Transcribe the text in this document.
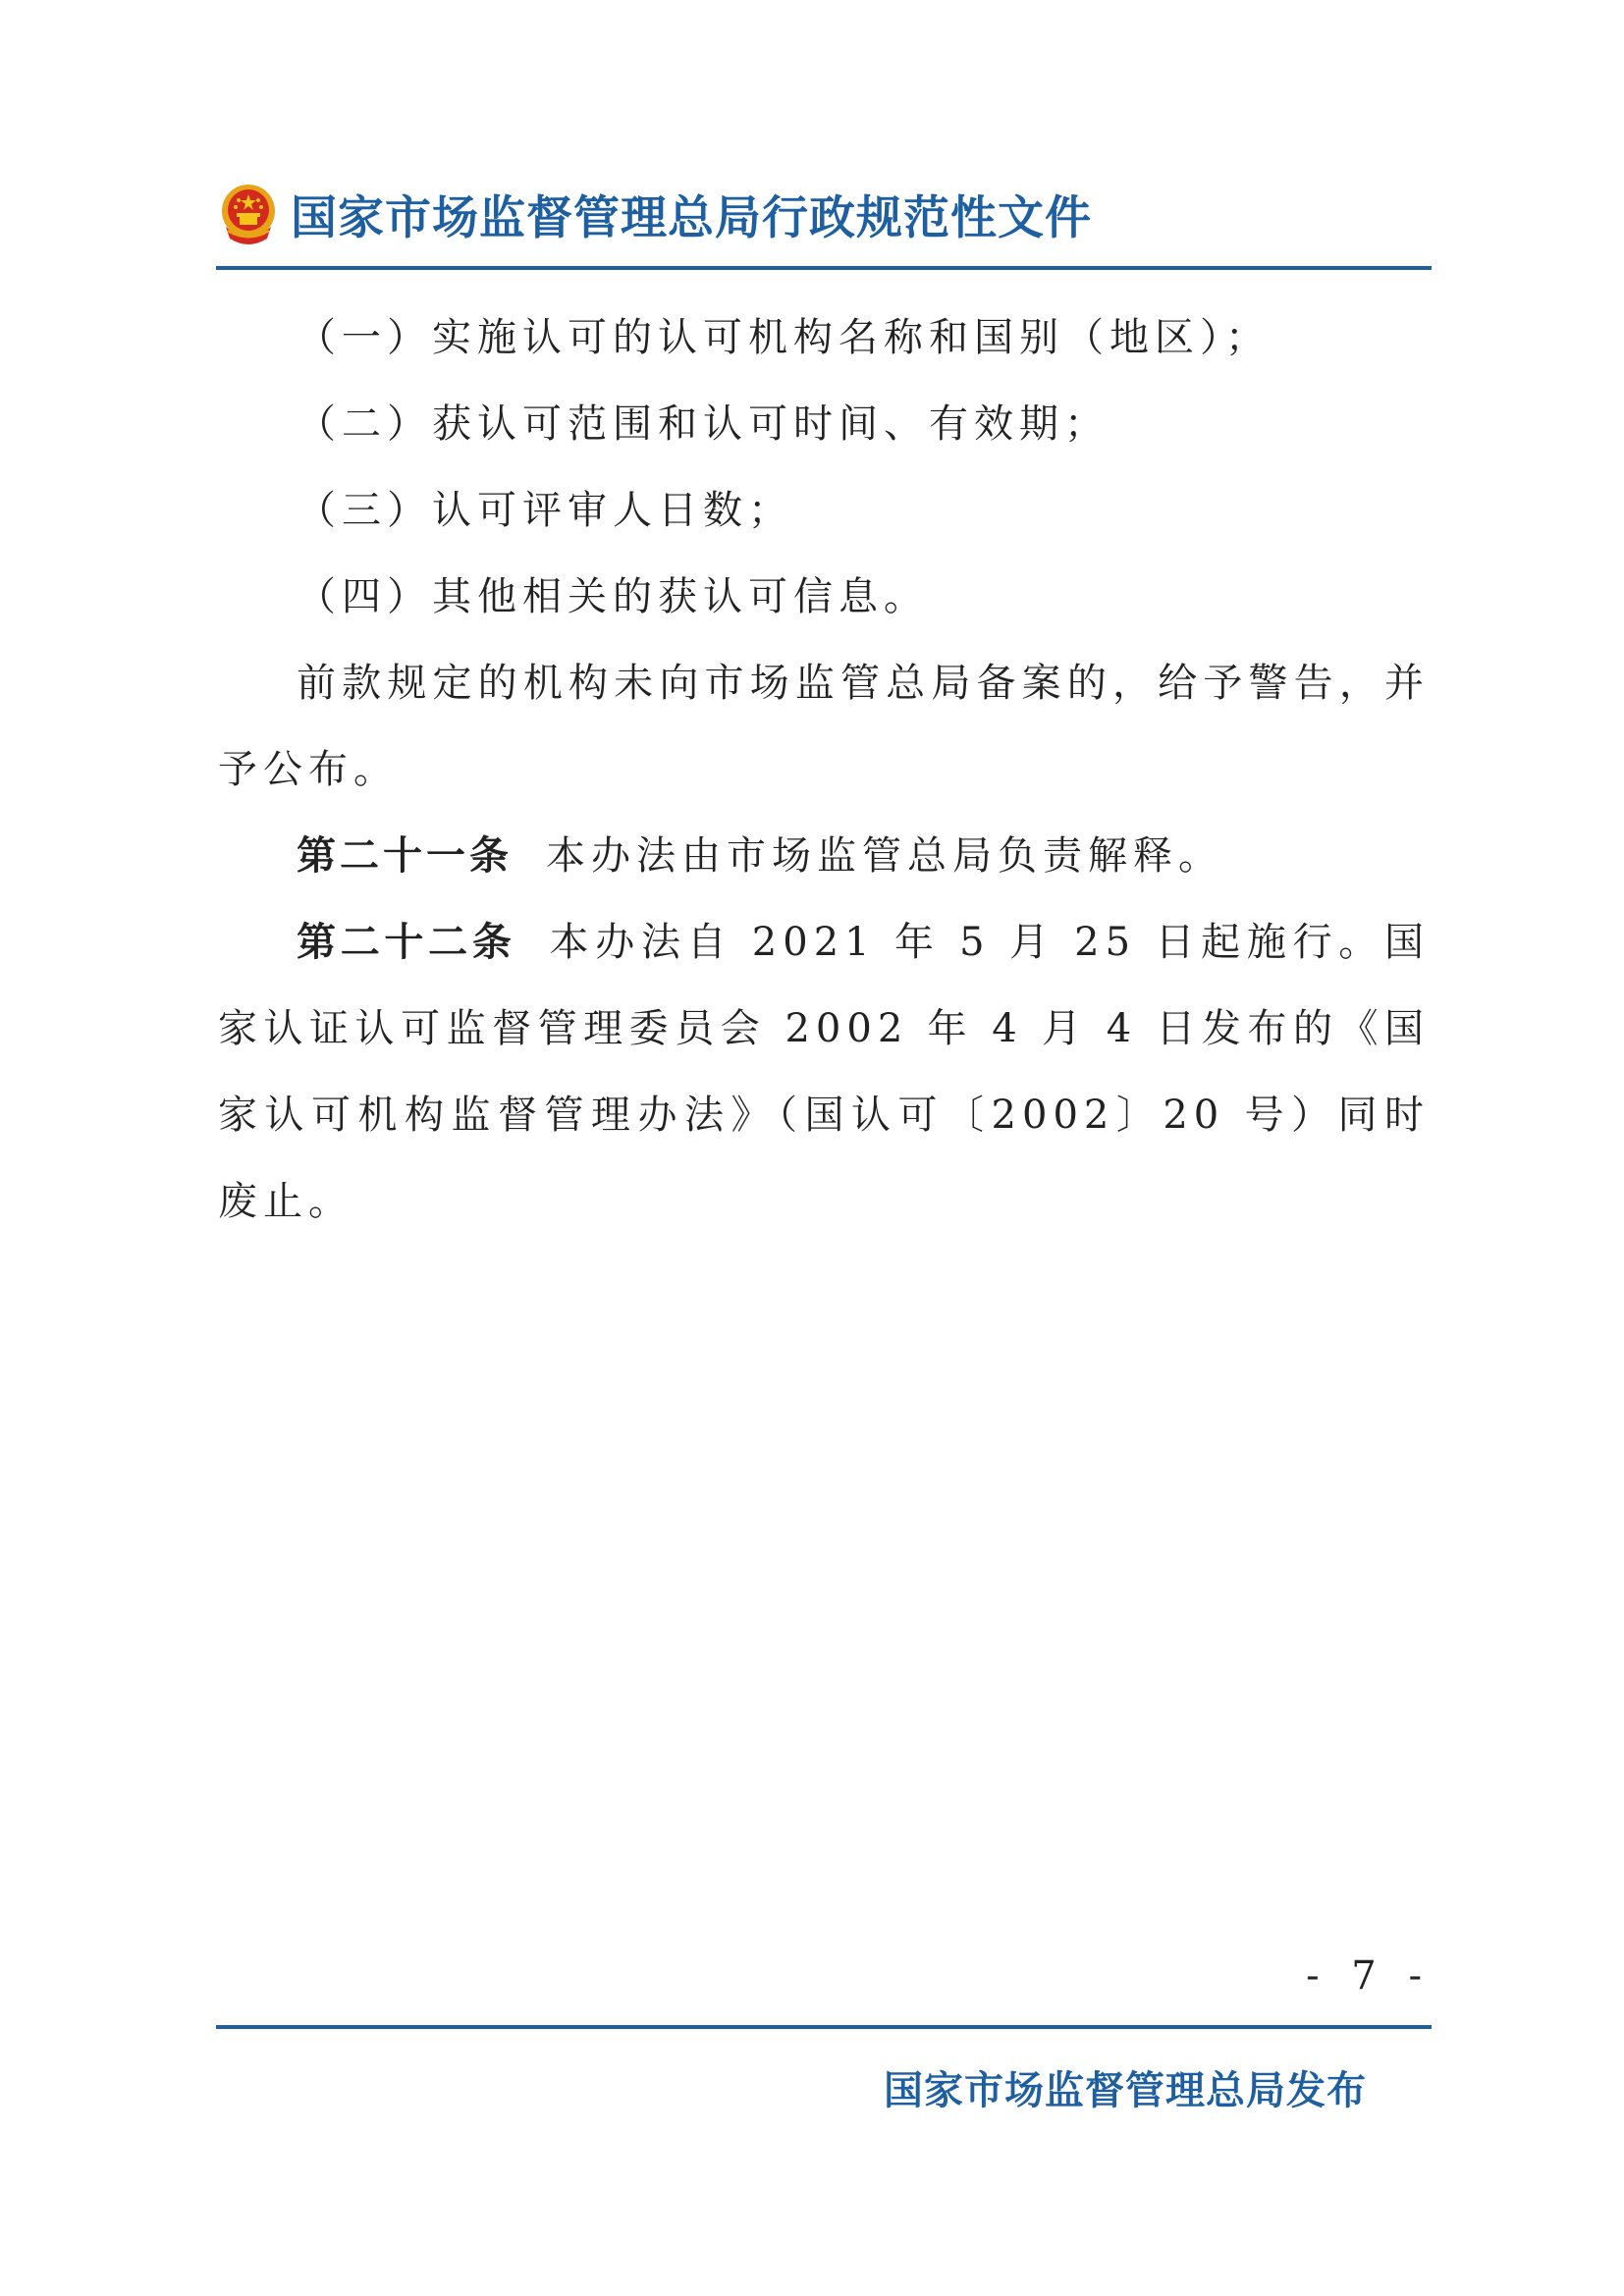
国家市场监督管理总局行政规范性文件

（一）实施认可的认可机构名称和国别（地区）；

（二）获认可范围和认可时间、有效期；

（三）认可评审人日数；

（四）其他相关的获认可信息。

前款规定的机构未向市场监管总局备案的，给予警告，并予公布。

第二十一条 本办法由市场监管总局负责解释。

第二十二条 本办法自 2021 年 5 月 25 日起施行。国家认证认可监督管理委员会 2002 年 4 月 4 日发布的《国家认可机构监督管理办法》（国认可〔2002〕20 号）同时废止。

- 7 -
国家市场监督管理总局发布
